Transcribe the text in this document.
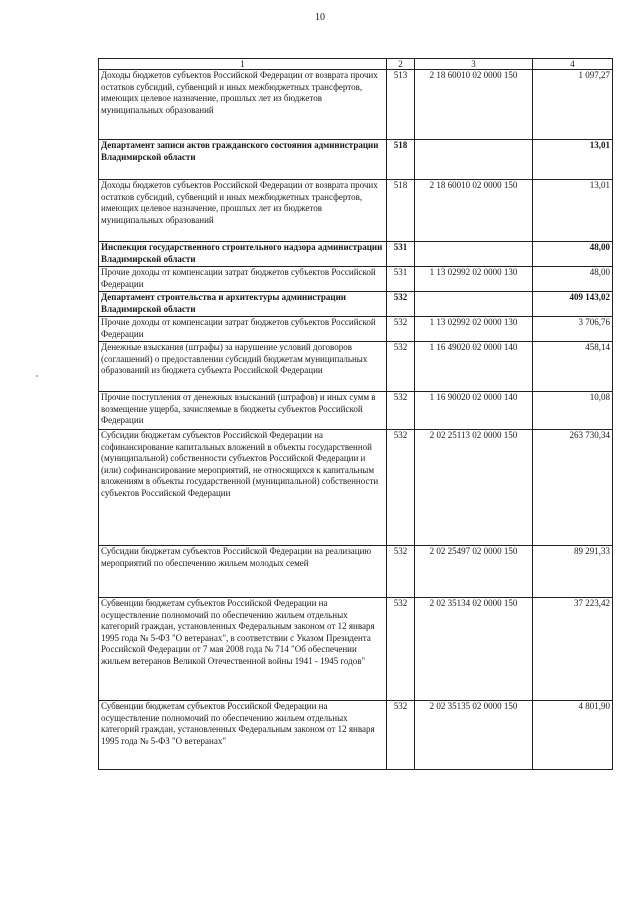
10
1	2	3	4
Доходы бюджетов субъектов Российской Федерации от возврата прочих остатков субсидий, субвенций и иных межбюджетных трансфертов, имеющих целевое назначение, прошлых лет из бюджетов муниципальных образований	513	2 18 60010 02 0000 150	1 097,27
Департамент записи актов гражданского состояния администрации Владимирской области	518		13,01
Доходы бюджетов субъектов Российской Федерации от возврата прочих остатков субсидий, субвенций и иных межбюджетных трансфертов, имеющих целевое назначение, прошлых лет из бюджетов муниципальных образований	518	2 18 60010 02 0000 150	13,01
Инспекция государственного строительного надзора администрации Владимирской области	531		48,00
Прочие доходы от компенсации затрат бюджетов субъектов Российской Федерации	531	1 13 02992 02 0000 130	48,00
Департамент строительства и архитектуры администрации Владимирской области	532		409 143,02
Прочие доходы от компенсации затрат бюджетов субъектов Российской Федерации	532	1 13 02992 02 0000 130	3 706,76
Денежные взыскания (штрафы) за нарушение условий договоров (соглашений) о предоставлении субсидий бюджетам муниципальных образований из бюджета субъекта Российской Федерации	532	1 16 49020 02 0000 140	458,14
Прочие поступления от денежных взысканий (штрафов) и иных сумм в возмещение ущерба, зачисляемые в бюджеты субъектов Российской Федерации	532	1 16 90020 02 0000 140	10,08
Субсидии бюджетам субъектов Российской Федерации на софинансирование капитальных вложений в объекты государственной (муниципальной) собственности субъектов Российской Федерации и (или) софинансирование мероприятий, не относящихся к капитальным вложениям в объекты государственной (муниципальной) собственности субъектов Российской Федерации	532	2 02 25113 02 0000 150	263 730,34
Субсидии бюджетам субъектов Российской Федерации на реализацию мероприятий по обеспечению жильем молодых семей	532	2 02 25497 02 0000 150	89 291,33
Субвенции бюджетам субъектов Российской Федерации на осуществление полномочий по обеспечению жильем отдельных категорий граждан, установленных Федеральным законом от 12 января 1995 года № 5-ФЗ "О ветеранах", в соответствии с Указом Президента Российской Федерации от 7 мая 2008 года № 714 "Об обеспечении жильем ветеранов Великой Отечественной войны 1941 - 1945 годов"	532	2 02 35134 02 0000 150	37 223,42
Субвенции бюджетам субъектов Российской Федерации на осуществление полномочий по обеспечению жильем отдельных категорий граждан, установленных Федеральным законом от 12 января 1995 года № 5-ФЗ "О ветеранах"	532	2 02 35135 02 0000 150	4 801,90
